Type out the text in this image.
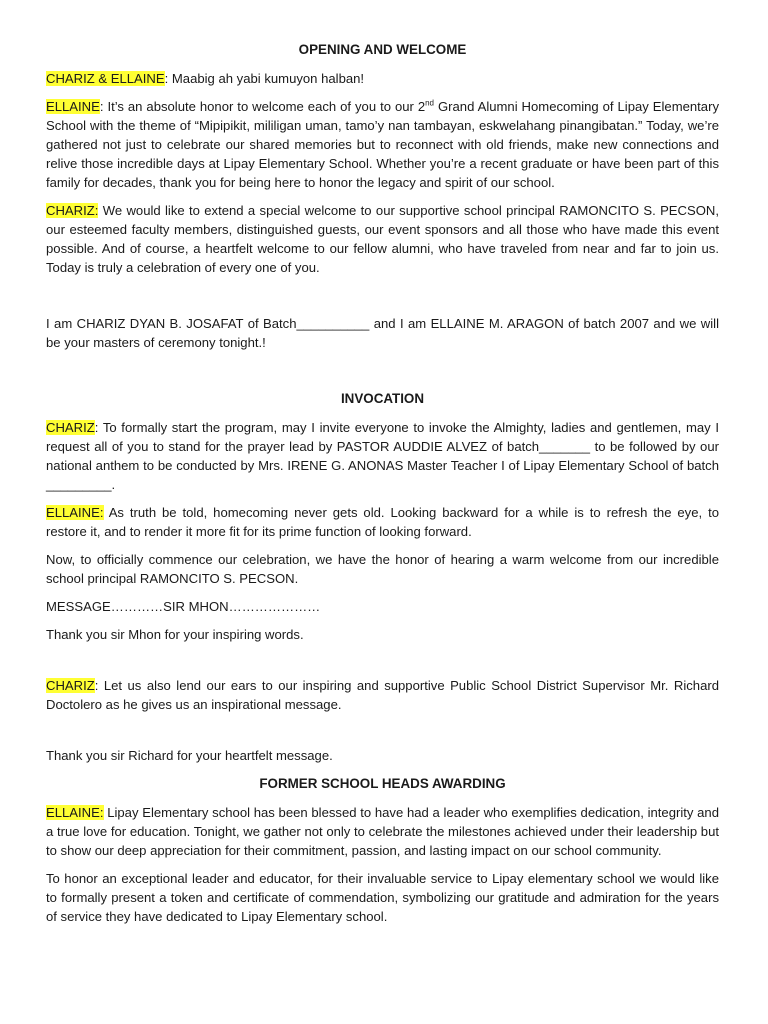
OPENING AND WELCOME

CHARIZ & ELLAINE: Maabig ah yabi kumuyon halban!

ELLAINE: It’s an absolute honor to welcome each of you to our 2nd Grand Alumni Homecoming of Lipay Elementary School with the theme of “Mipipikit, mililigan uman, tamo’y nan tambayan, eskwelahang pinangibatan.” Today, we’re gathered not just to celebrate our shared memories but to reconnect with old friends, make new connections and relive those incredible days at Lipay Elementary School. Whether you’re a recent graduate or have been part of this family for decades, thank you for being here to honor the legacy and spirit of our school.

CHARIZ: We would like to extend a special welcome to our supportive school principal RAMONCITO S. PECSON, our esteemed faculty members, distinguished guests, our event sponsors and all those who have made this event possible. And of course, a heartfelt welcome to our fellow alumni, who have traveled from near and far to join us. Today is truly a celebration of every one of you.

I am CHARIZ DYAN B. JOSAFAT of Batch__________ and I am ELLAINE M. ARAGON of batch 2007 and we will be your masters of ceremony tonight.!

INVOCATION

CHARIZ: To formally start the program, may I invite everyone to invoke the Almighty, ladies and gentlemen, may I request all of you to stand for the prayer lead by PASTOR AUDDIE ALVEZ of batch_______ to be followed by our national anthem to be conducted by Mrs. IRENE G. ANONAS Master Teacher I of Lipay Elementary School of batch _________.

ELLAINE: As truth be told, homecoming never gets old. Looking backward for a while is to refresh the eye, to restore it, and to render it more fit for its prime function of looking forward.

Now, to officially commence our celebration, we have the honor of hearing a warm welcome from our incredible school principal RAMONCITO S. PECSON.

MESSAGE…………SIR MHON…………………

Thank you sir Mhon for your inspiring words.

CHARIZ: Let us also lend our ears to our inspiring and supportive Public School District Supervisor Mr. Richard Doctolero as he gives us an inspirational message.

Thank you sir Richard for your heartfelt message.

FORMER SCHOOL HEADS AWARDING

ELLAINE: Lipay Elementary school has been blessed to have had a leader who exemplifies dedication, integrity and a true love for education. Tonight, we gather not only to celebrate the milestones achieved under their leadership but to show our deep appreciation for their commitment, passion, and lasting impact on our school community.

To honor an exceptional leader and educator, for their invaluable service to Lipay elementary school we would like to formally present a token and certificate of commendation, symbolizing our gratitude and admiration for the years of service they have dedicated to Lipay Elementary school.
